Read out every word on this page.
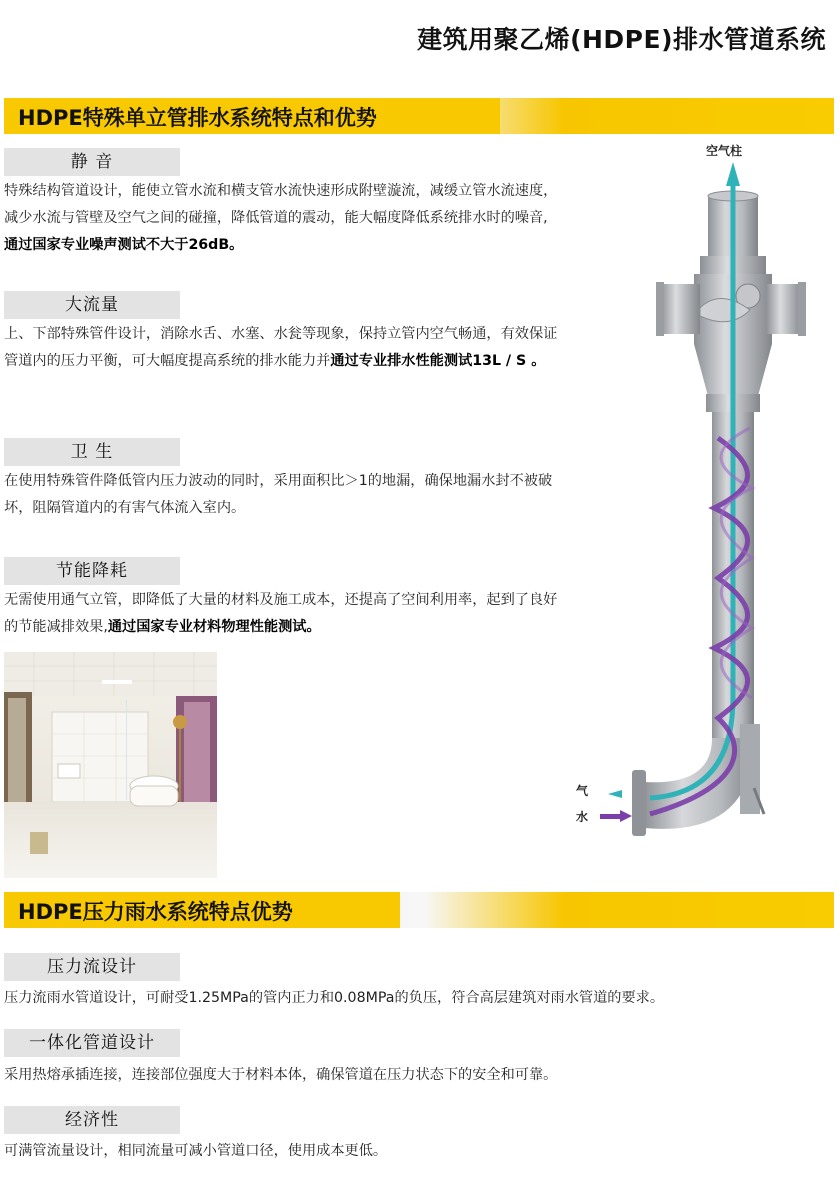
建筑用聚乙烯(HDPE)排水管道系统
HDPE特殊单立管排水系统特点和优势
静 音
特殊结构管道设计，能使立管水流和横支管水流快速形成附壁漩流，减缓立管水流速度，减少水流与管壁及空气之间的碰撞，降低管道的震动，能大幅度降低系统排水时的噪音,通过国家专业噪声测试不大于26dB。
大流量
上、下部特殊管件设计，消除水舌、水塞、水瓮等现象，保持立管内空气畅通，有效保证管道内的压力平衡，可大幅度提高系统的排水能力并通过专业排水性能测试13L / S 。
卫 生
在使用特殊管件降低管内压力波动的同时，采用面积比＞1的地漏，确保地漏水封不被破坏，阻隔管道内的有害气体流入室内。
节能降耗
无需使用通气立管，即降低了大量的材料及施工成本，还提高了空间利用率，起到了良好的节能减排效果,通过国家专业材料物理性能测试。
空气柱
气
水
HDPE压力雨水系统特点优势
压力流设计
压力流雨水管道设计，可耐受1.25MPa的管内正力和0.08MPa的负压，符合高层建筑对雨水管道的要求。
一体化管道设计
采用热熔承插连接，连接部位强度大于材料本体，确保管道在压力状态下的安全和可靠。
经济性
可满管流量设计，相同流量可减小管道口径，使用成本更低。
